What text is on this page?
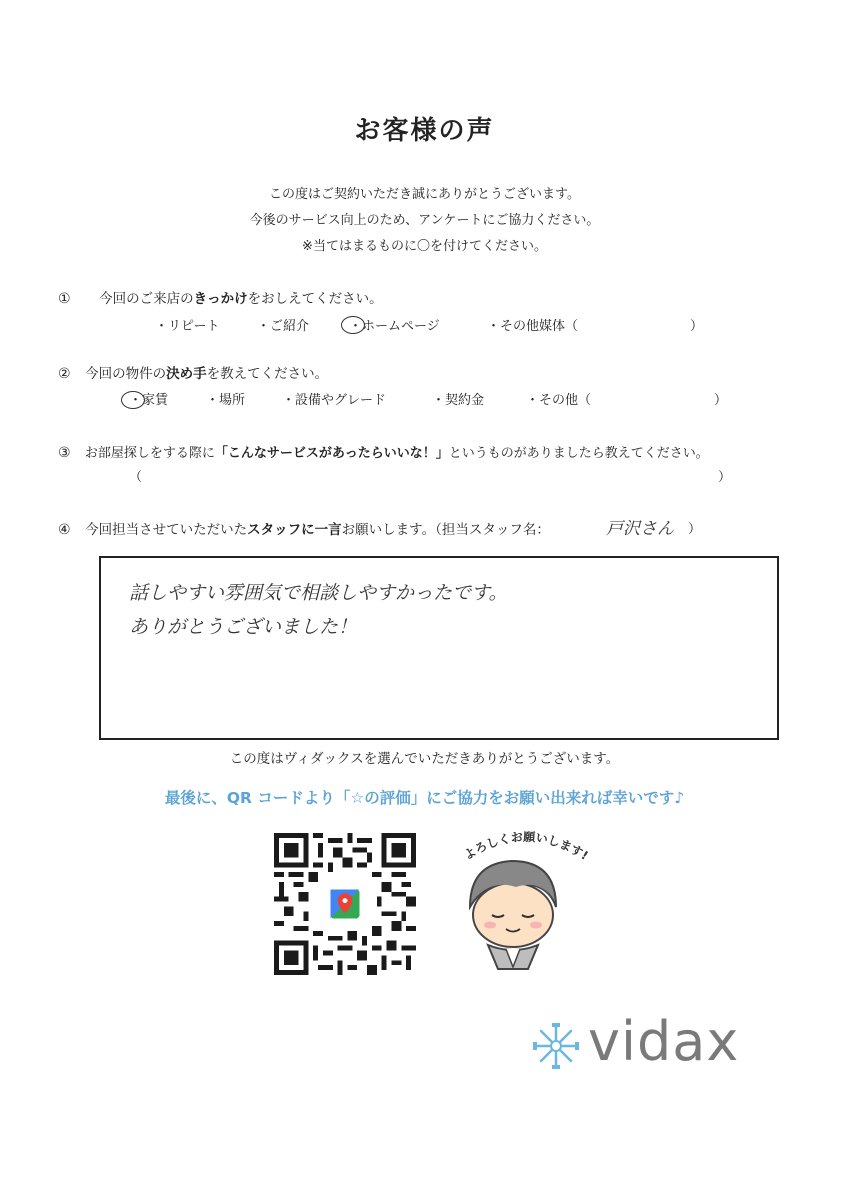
お客様の声
この度はご契約いただき誠にありがとうございます。
今後のサービス向上のため、アンケートにご協力ください。
※当てはまるものに〇を付けてください。
① 今回のご来店のきっかけをおしえてください。
・リピート	・ご紹介	・ホームページ	・その他媒体（	）
② 今回の物件の決め手を教えてください。
・家賃	・場所	・設備やグレード	・契約金	・その他（	）
③ お部屋探しをする際に「こんなサービスがあったらいいな！」というものがありましたら教えてください。
（	）
④ 今回担当させていただいたスタッフに一言お願いします。（担当スタッフ名：	戸沢さん ）
話しやすい雰囲気で相談しやすかったです。
ありがとうございました！
この度はヴィダックスを選んでいただきありがとうございます。
最後に、QR コードより「☆の評価」にご協力をお願い出来れば幸いです♪
よろしくお願いします!
vidax
